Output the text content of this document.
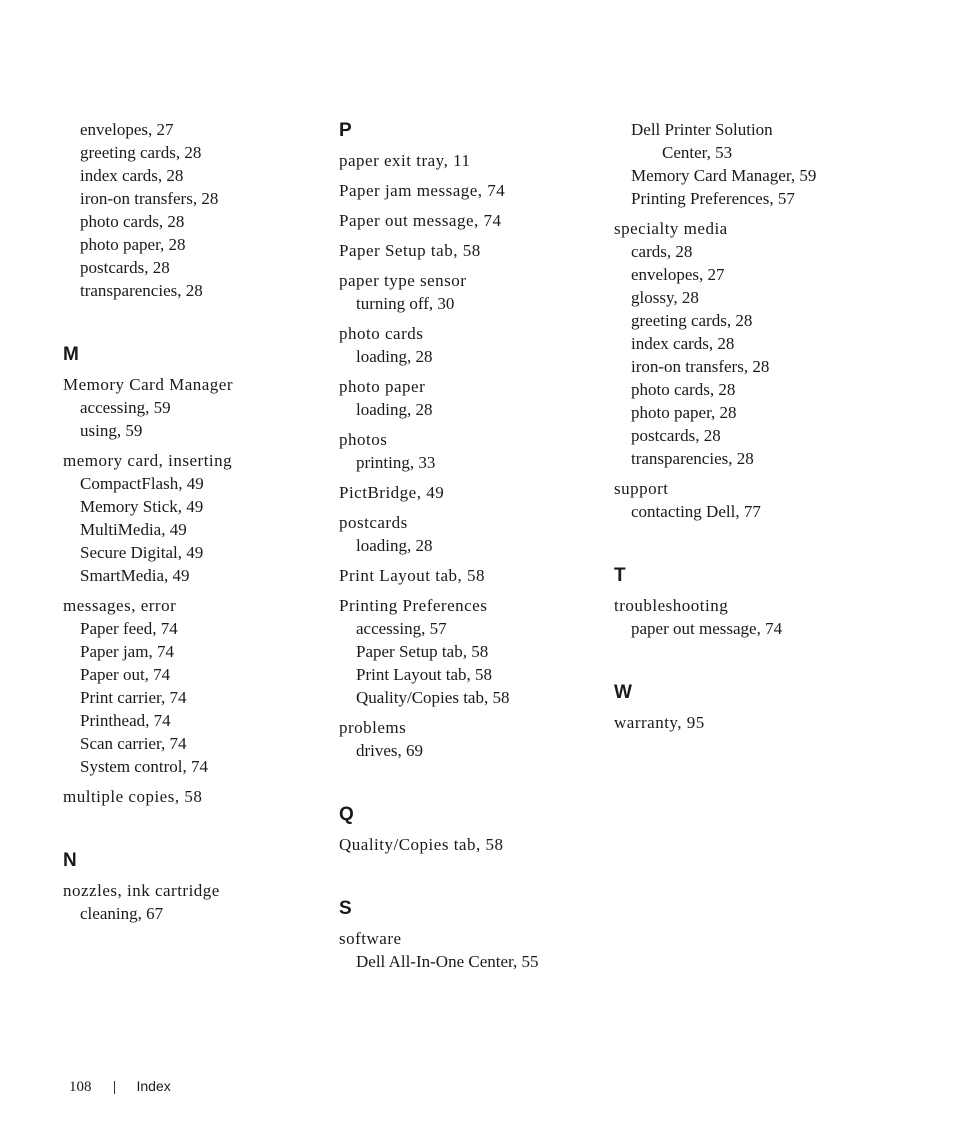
envelopes, 27
greeting cards, 28
index cards, 28
iron-on transfers, 28
photo cards, 28
photo paper, 28
postcards, 28
transparencies, 28
M
Memory Card Manager
accessing, 59
using, 59
memory card, inserting
CompactFlash, 49
Memory Stick, 49
MultiMedia, 49
Secure Digital, 49
SmartMedia, 49
messages, error
Paper feed, 74
Paper jam, 74
Paper out, 74
Print carrier, 74
Printhead, 74
Scan carrier, 74
System control, 74
multiple copies, 58
N
nozzles, ink cartridge
cleaning, 67
P
paper exit tray, 11
Paper jam message, 74
Paper out message, 74
Paper Setup tab, 58
paper type sensor
turning off, 30
photo cards
loading, 28
photo paper
loading, 28
photos
printing, 33
PictBridge, 49
postcards
loading, 28
Print Layout tab, 58
Printing Preferences
accessing, 57
Paper Setup tab, 58
Print Layout tab, 58
Quality/Copies tab, 58
problems
drives, 69
Q
Quality/Copies tab, 58
S
software
Dell All-In-One Center, 55
Dell Printer Solution
Center, 53
Memory Card Manager, 59
Printing Preferences, 57
specialty media
cards, 28
envelopes, 27
glossy, 28
greeting cards, 28
index cards, 28
iron-on transfers, 28
photo cards, 28
photo paper, 28
postcards, 28
transparencies, 28
support
contacting Dell, 77
T
troubleshooting
paper out message, 74
W
warranty, 95
108	Index
